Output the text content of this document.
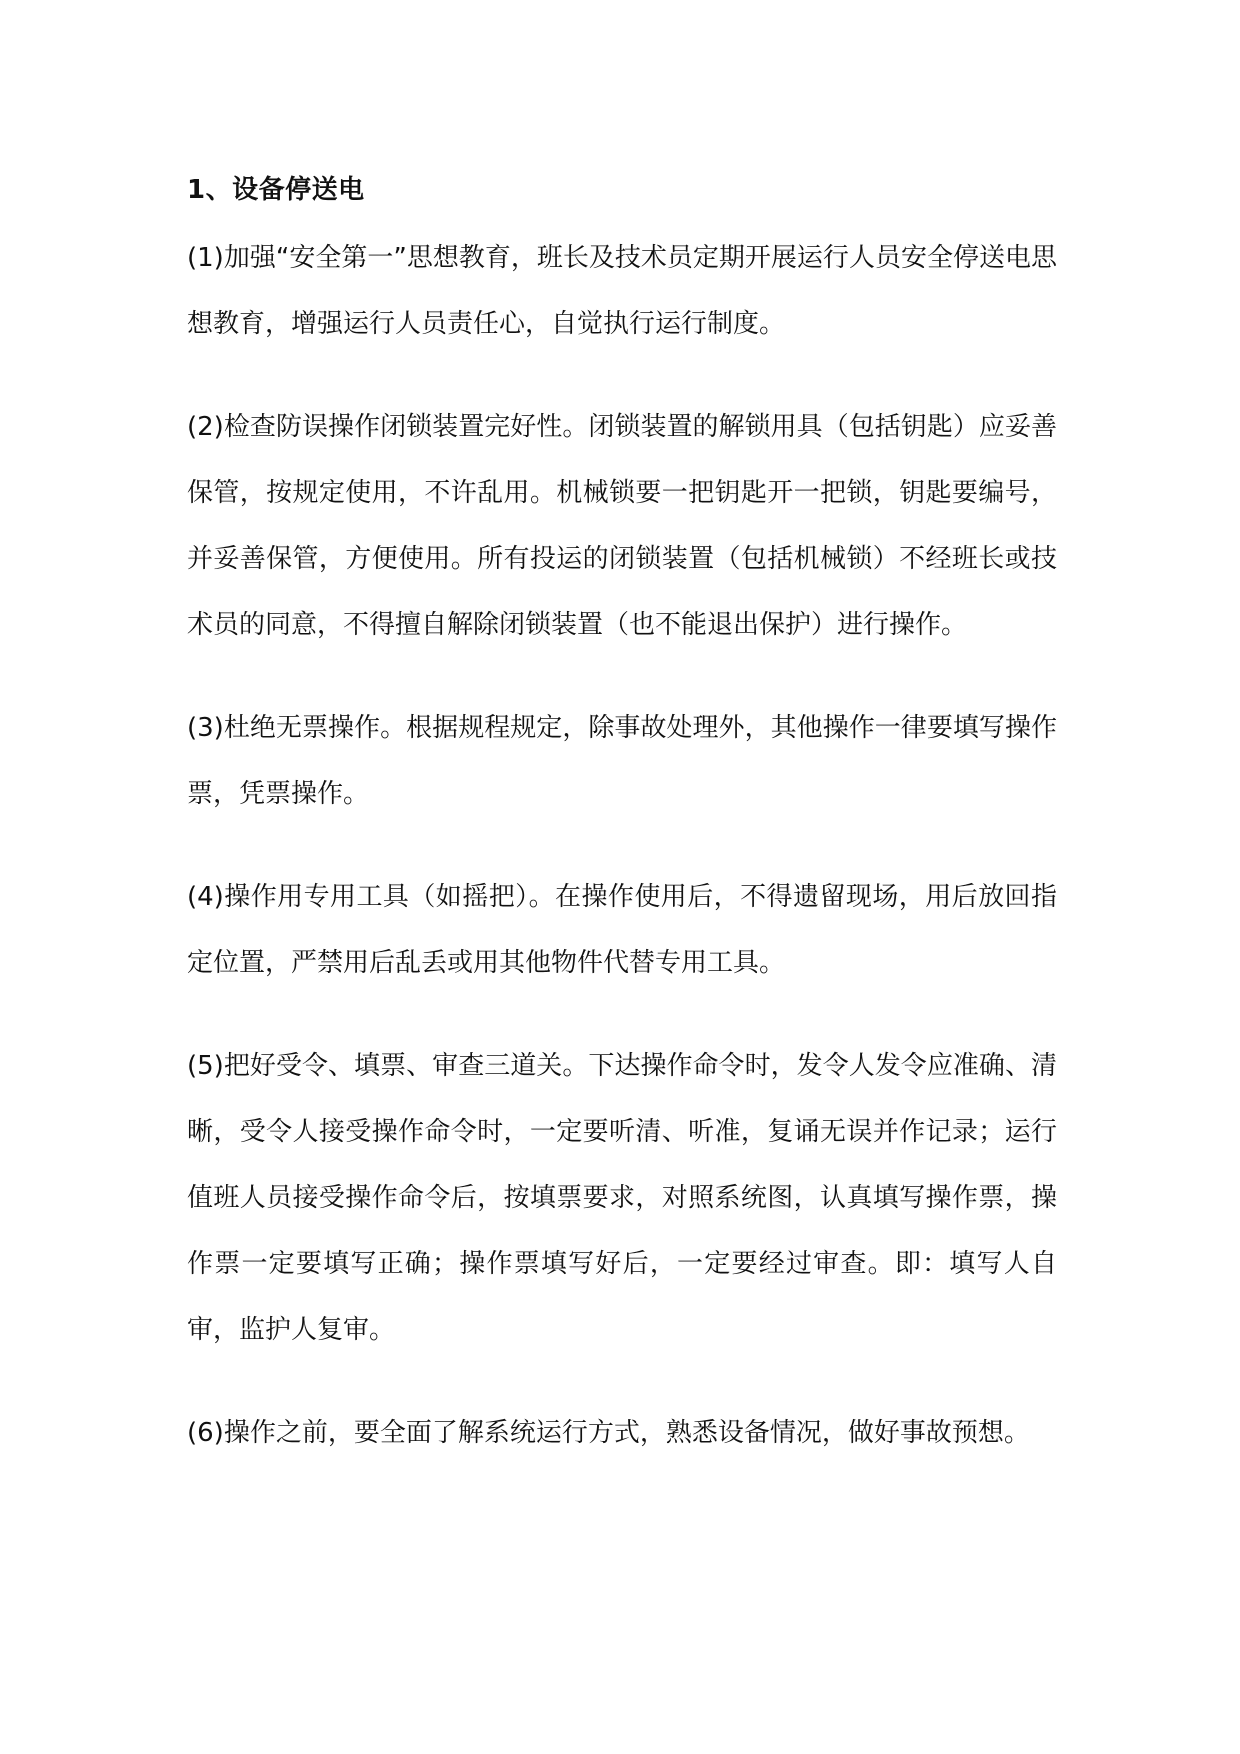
1、设备停送电

(1)加强“安全第一”思想教育，班长及技术员定期开展运行人员安全停送电思想教育，增强运行人员责任心，自觉执行运行制度。

(2)检查防误操作闭锁装置完好性。闭锁装置的解锁用具（包括钥匙）应妥善保管，按规定使用，不许乱用。机械锁要一把钥匙开一把锁，钥匙要编号，并妥善保管，方便使用。所有投运的闭锁装置（包括机械锁）不经班长或技术员的同意，不得擅自解除闭锁装置（也不能退出保护）进行操作。

(3)杜绝无票操作。根据规程规定，除事故处理外，其他操作一律要填写操作票，凭票操作。

(4)操作用专用工具（如摇把）。在操作使用后，不得遗留现场，用后放回指定位置，严禁用后乱丢或用其他物件代替专用工具。

(5)把好受令、填票、审查三道关。下达操作命令时，发令人发令应准确、清晰，受令人接受操作命令时，一定要听清、听准，复诵无误并作记录；运行值班人员接受操作命令后，按填票要求，对照系统图，认真填写操作票，操作票一定要填写正确；操作票填写好后，一定要经过审查。即：填写人自审，监护人复审。

(6)操作之前，要全面了解系统运行方式，熟悉设备情况，做好事故预想。
